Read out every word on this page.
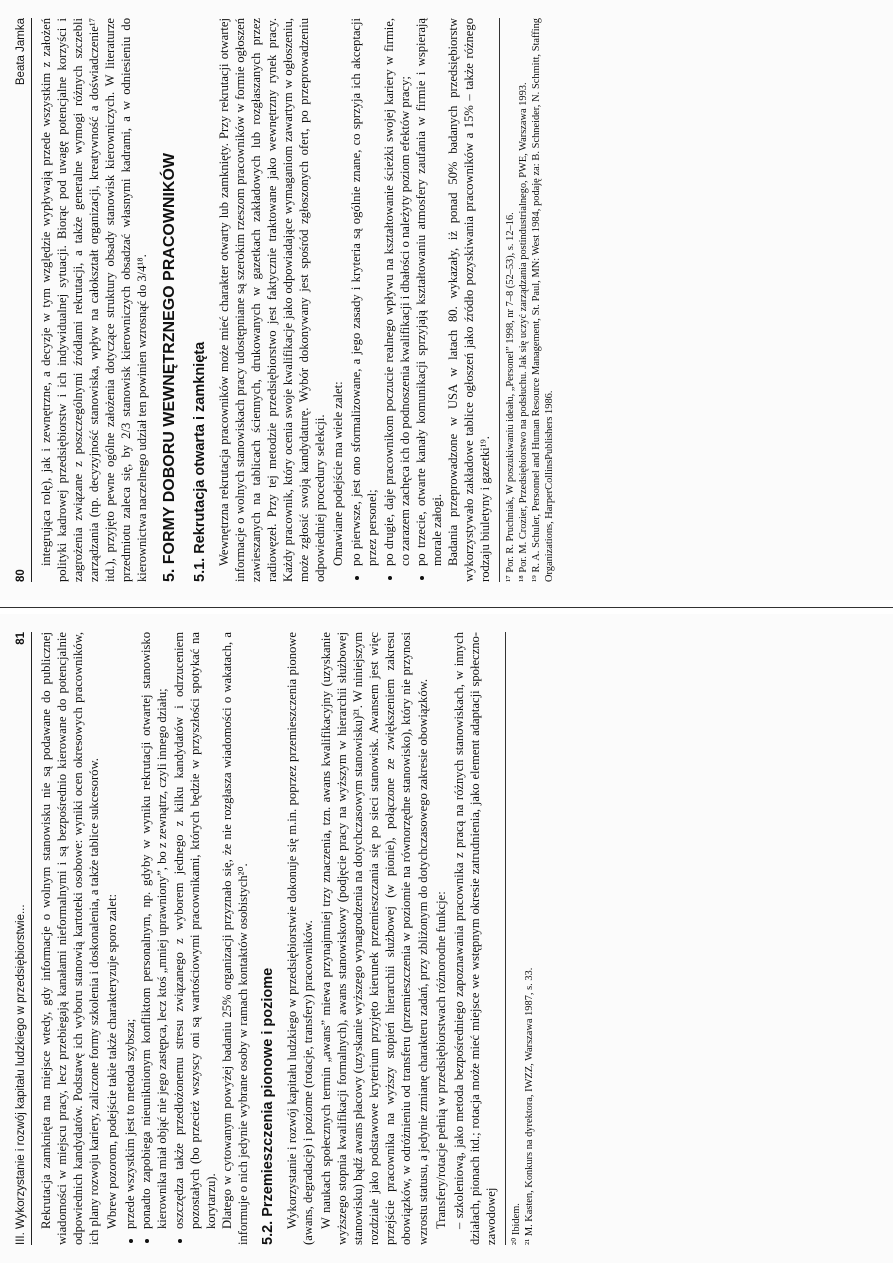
80
Beata Jamka integrująca rolę), jak i zewnętrzne, a decyzje w tym względzie wypływają przede wszystkim z założeń polityki kadrowej przedsiębiorstw i ich indywidualnej sytuacji. Biorąc pod uwagę potencjalne korzyści i zagrożenia związane z poszczególnymi źródłami rekrutacji, a także generalne wymogi różnych szczebli zarządzania (np. decyzyjność stanowiska, wpływ na całokształt organizacji, kreatywność a doświadczenie¹⁷ itd.), przyjęto pewne ogólne założenia dotyczące struktury obsady stanowisk kierowniczych. W literaturze przedmiotu zaleca się, by 2/3 stanowisk kierowniczych obsadzać własnymi kadrami, a w odniesieniu do kierownictwa naczelnego udział ten powinien wzrosnąć do 3/4¹⁸. 5. FORMY DOBORU WEWNĘTRZNEGO PRACOWNIKÓW 5.1. Rekrutacja otwarta i zamknięta Wewnętrzna rekrutacja pracowników może mieć charakter otwarty lub zamknięty. Przy rekrutacji otwartej informacje o wolnych stanowiskach pracy udostępniane są szerokim rzeszom pracowników w formie ogłoszeń zawieszanych na tablicach ściennych, drukowanych w gazetkach zakładowych lub rozgłaszanych przez radiowęzeł. Przy tej metodzie przedsiębiorstwo jest faktycznie traktowane jako wewnętrzny rynek pracy. Każdy pracownik, który ocenia swoje kwalifikacje jako odpowiadające wymaganiom zawartym w ogłoszeniu, może zgłosić swoją kandydaturę. Wybór dokonywany jest spośród zgłoszonych ofert, po przeprowadzeniu odpowiedniej procedury selekcji. Omawiane podejście ma wiele zalet: • po pierwsze, jest ono sformalizowane, a jego zasady i kryteria są ogólnie znane, co sprzyja ich akceptacji przez personel; • po drugie, daje pracownikom poczucie realnego wpływu na kształtowanie ścieżki swojej kariery w firmie, co zarazem zachęca ich do podnoszenia kwalifikacji i dbałości o należyty poziom efektów pracy; • po trzecie, otwarte kanały komunikacji sprzyjają kształtowaniu atmosfery zaufania w firmie i wspierają morale załogi. Badania przeprowadzone w USA w latach 80. wykazały, iż ponad 50% badanych przedsiębiorstw wykorzystywało zakładowe tablice ogłoszeń jako źródło pozyskiwania pracowników a 15% – także różnego rodzaju biuletyny i gazetki¹⁹. ¹⁷ Por. R. Pruchniak, W poszukiwaniu ideału, „Personel” 1998, nr 7–8 (52–53), s. 12–16. ¹⁸ Por. M. Crozier, Przedsiębiorstwo na podsłuchu. Jak się uczyć zarządzania postindustrialnego, PWE, Warszawa 1993. ¹⁹ R. A. Schuler, Personnel and Human Resource Management, St. Paul, MN: West 1984, podaję za: B. Schneider, N. Schmitt, Staffing Organizations, HarperCollinsPublishers 1986.

III. Wykorzystanie i rozwój kapitału ludzkiego w przedsiębiorstwie...
81 Rekrutacja zamknięta ma miejsce wtedy, gdy informacje o wolnym stanowisku nie są podawane do publicznej wiadomości w miejscu pracy, lecz przebiegają kanałami nieformalnymi i są bezpośrednio kierowane do potencjalnie odpowiednich kandydatów. Podstawę ich wyboru stanowią kartoteki osobowe: wyniki ocen okresowych pracowników, ich plany rozwoju kariery, zaliczone formy szkolenia i doskonalenia, a także tablice sukcesorów. Wbrew pozorom, podejście takie także charakteryzuje sporo zalet: • przede wszystkim jest to metoda szybsza; • ponadto zapobiega nieuniknionym konfliktom personalnym, np. gdyby w wyniku rekrutacji otwartej stanowisko kierownika miał objąć nie jego zastępca, lecz ktoś „mniej uprawniony”, bo z zewnątrz, czyli innego działu; • oszczędza także przedłożonemu stresu związanego z wyborem jednego z kilku kandydatów i odrzuceniem pozostałych (bo przecież wszyscy oni są wartościowymi pracownikami, których będzie w przyszłości spotykać na korytarzu). Dlatego w cytowanym powyżej badaniu 25% organizacji przyznało się, że nie rozgłasza wiadomości o wakatach, a informuje o nich jedynie wybrane osoby w ramach kontaktów osobistych²⁰. 5.2. Przemieszczenia pionowe i poziome Wykorzystanie i rozwój kapitału ludzkiego w przedsiębiorstwie dokonuje się m.in. poprzez przemieszczenia pionowe (awans, degradacje) i poziome (rotacje, transfery) pracowników. W naukach społecznych termin „awans” miewa przynajmniej trzy znaczenia, tzn. awans kwalifikacyjny (uzyskanie wyższego stopnia kwalifikacji formalnych), awans stanowiskowy (podjęcie pracy na wyższym w hierarchii służbowej stanowisku) bądź awans płacowy (uzyskanie wyższego wynagrodzenia na dotychczasowym stanowisku)²¹. W niniejszym rozdziale jako podstawowe kryterium przyjęto kierunek przemieszczania się po sieci stanowisk. Awansem jest więc przejście pracownika na wyższy stopień hierarchii służbowej (w pionie), połączone ze zwiększeniem zakresu obowiązków, w odróżnieniu od transferu (przemieszczenia w poziomie na równorzędne stanowisko), który nie przynosi wzrostu statusu, a jedynie zmianę charakteru zadań, przy zbliżonym do dotychczasowego zakresie obowiązków. Transfery/rotacje pełnią w przedsiębiorstwach różnorodne funkcje: – szkoleniową, jako metoda bezpośredniego zapoznawania pracownika z pracą na różnych stanowiskach, w innych działach, pionach itd.; rotacja może mieć miejsce we wstępnym okresie zatrudnienia, jako element adaptacji społeczno-zawodowej ²⁰ Ibidem. ²¹ M. Kasten, Konkurs na dyrektora, IWZZ, Warszawa 1987, s. 33.
